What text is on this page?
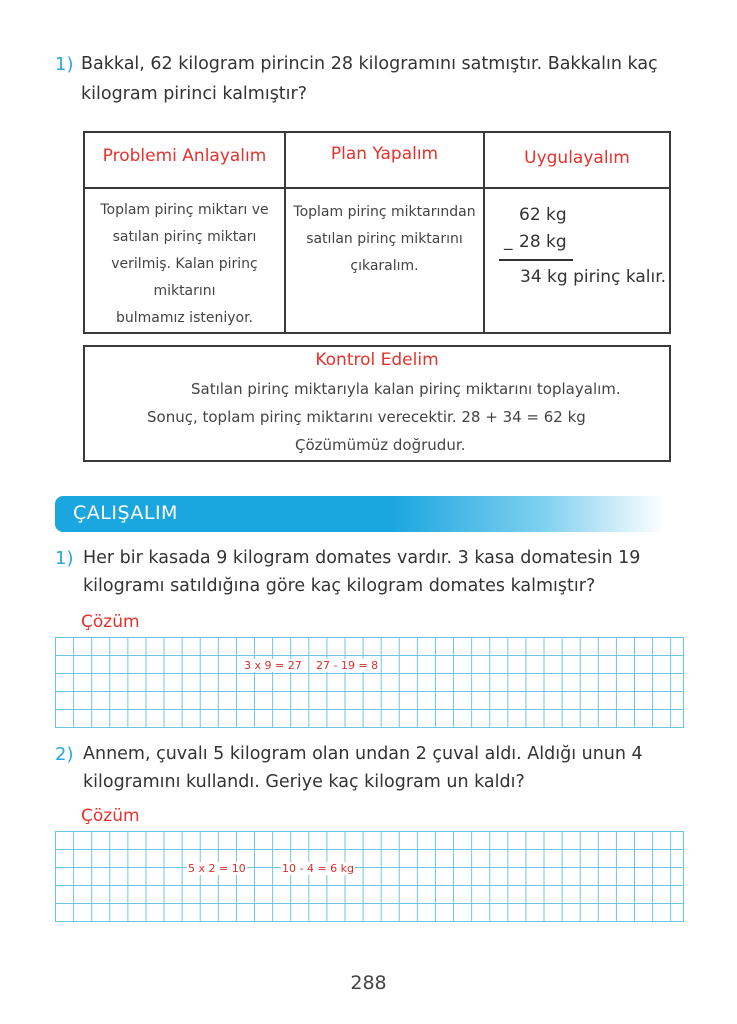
1) Bakkal, 62 kilogram pirincin 28 kilogramını satmıştır. Bakkalın kaç
kilogram pirinci kalmıştır?
Problemi Anlayalım
Toplam pirinç miktarı ve
satılan pirinç miktarı
verilmiş. Kalan pirinç
miktarını
bulmamız isteniyor.
Plan Yapalım
Toplam pirinç miktarından
satılan pirinç miktarını
çıkaralım.
Uygulayalım
62 kg
_ 28 kg
34 kg pirinç kalır.
Kontrol Edelim
Satılan pirinç miktarıyla kalan pirinç miktarını toplayalım.
Sonuç, toplam pirinç miktarını verecektir. 28 + 34 = 62 kg
Çözümümüz doğrudur.
ÇALIŞALIM
1) Her bir kasada 9 kilogram domates vardır. 3 kasa domatesin 19
kilogramı satıldığına göre kaç kilogram domates kalmıştır?
Çözüm
3 x 9 = 27 27 - 19 = 8
2) Annem, çuvalı 5 kilogram olan undan 2 çuval aldı. Aldığı unun 4
kilogramını kullandı. Geriye kaç kilogram un kaldı?
Çözüm
5 x 2 = 10	10 - 4 = 6 kg
288
